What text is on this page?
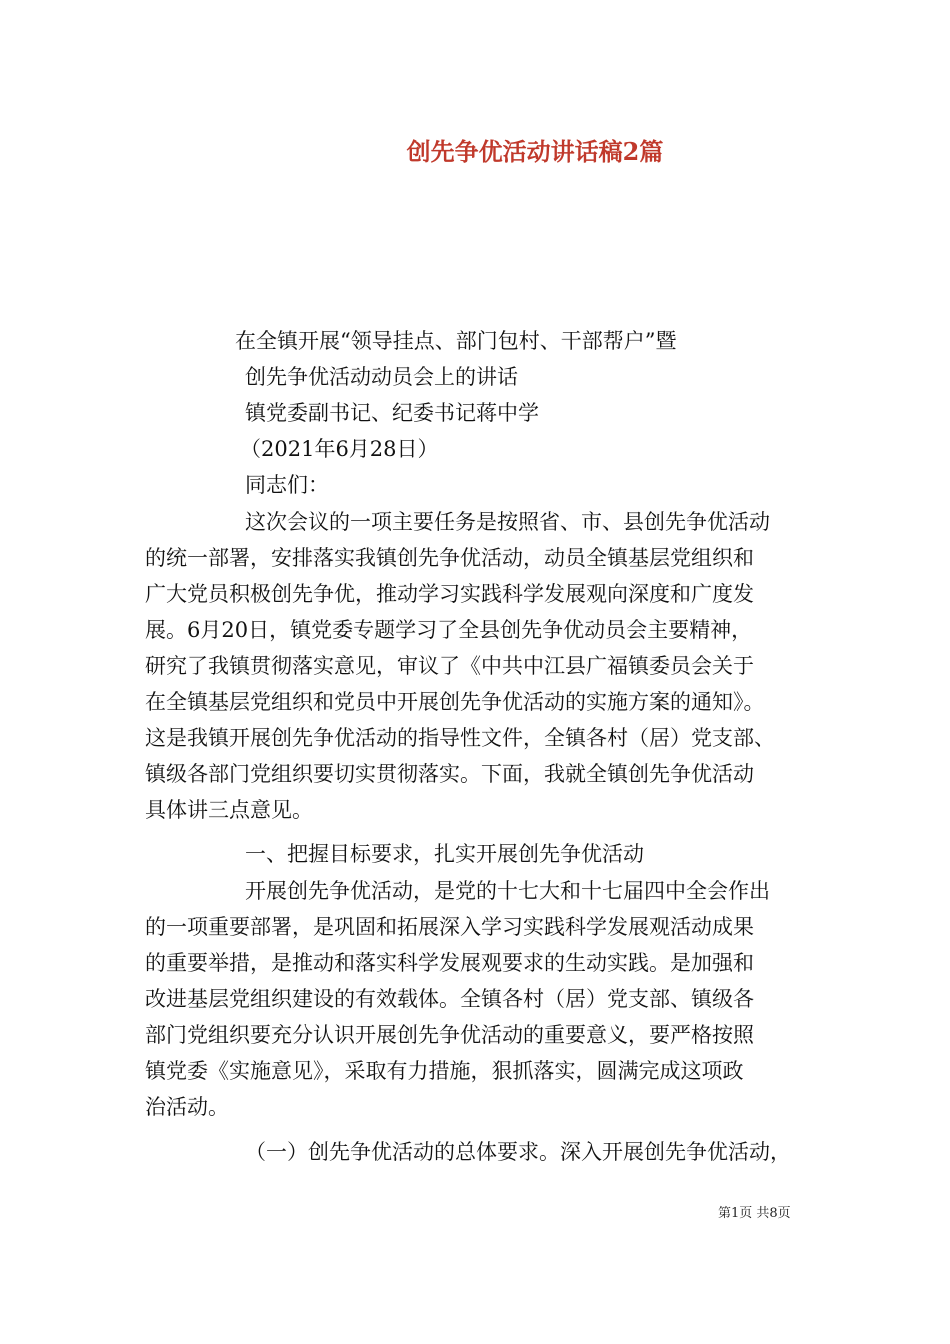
创先争优活动讲话稿2篇
在全镇开展“领导挂点、部门包村、干部帮户”暨
创先争优活动动员会上的讲话
镇党委副书记、纪委书记蒋中学
（2021年6月28日）
同志们：
这次会议的一项主要任务是按照省、市、县创先争优活动
的统一部署，安排落实我镇创先争优活动，动员全镇基层党组织和
广大党员积极创先争优，推动学习实践科学发展观向深度和广度发
展。6月20日，镇党委专题学习了全县创先争优动员会主要精神，
研究了我镇贯彻落实意见，审议了《中共中江县广福镇委员会关于
在全镇基层党组织和党员中开展创先争优活动的实施方案的通知》。
这是我镇开展创先争优活动的指导性文件，全镇各村（居）党支部、
镇级各部门党组织要切实贯彻落实。下面，我就全镇创先争优活动
具体讲三点意见。
一、把握目标要求，扎实开展创先争优活动
开展创先争优活动，是党的十七大和十七届四中全会作出
的一项重要部署，是巩固和拓展深入学习实践科学发展观活动成果
的重要举措，是推动和落实科学发展观要求的生动实践。是加强和
改进基层党组织建设的有效载体。全镇各村（居）党支部、镇级各
部门党组织要充分认识开展创先争优活动的重要意义，要严格按照
镇党委《实施意见》，采取有力措施，狠抓落实，圆满完成这项政
治活动。
（一）创先争优活动的总体要求。深入开展创先争优活动，
第1页 共8页
